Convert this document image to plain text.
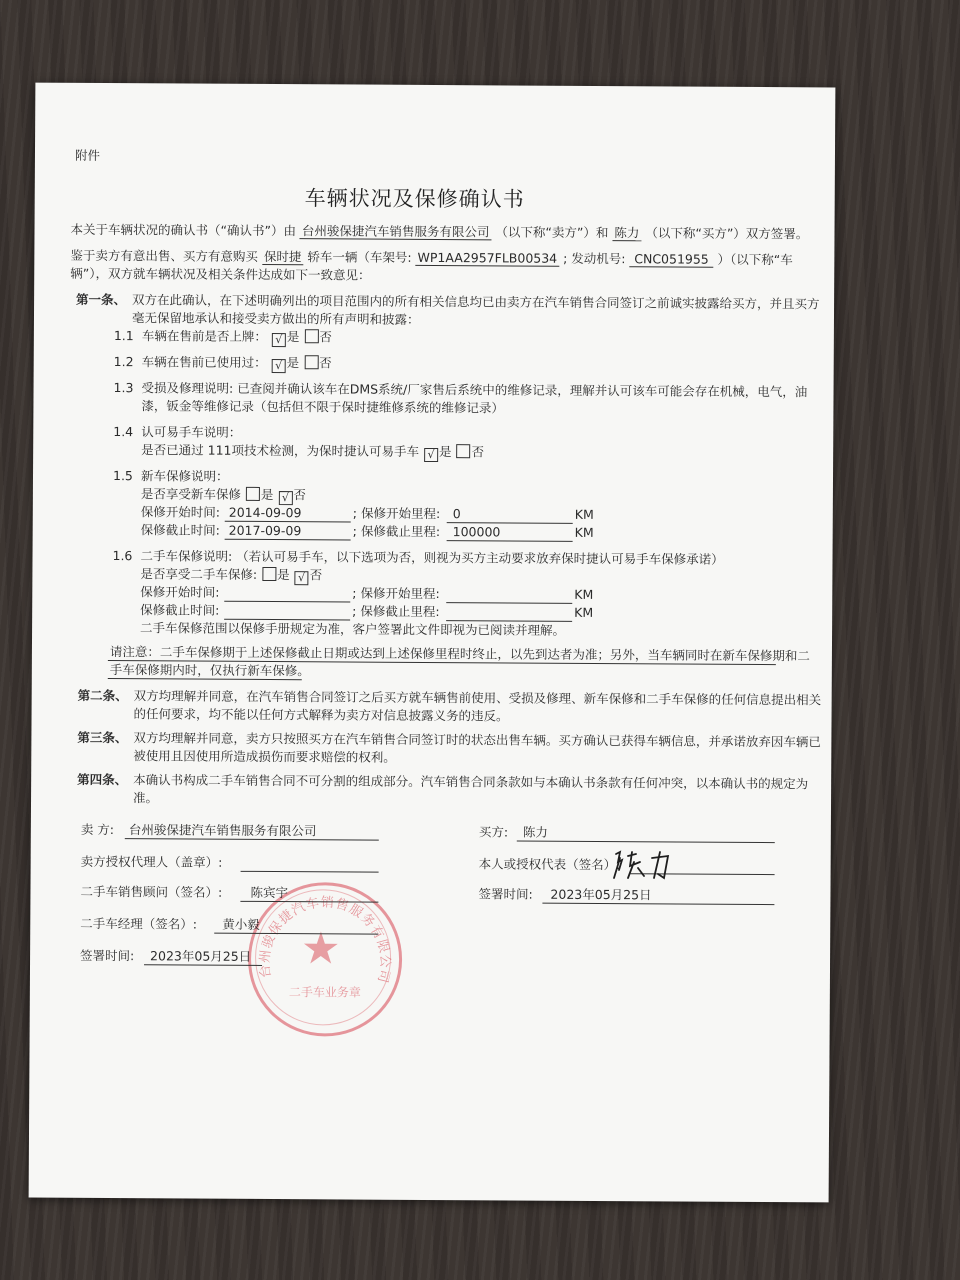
附件
车辆状况及保修确认书
本关于车辆状况的确认书（“确认书”）由 台州骏保捷汽车销售服务有限公司 （以下称“卖方”）和 陈力 （以下称“买方”）双方签署。
鉴于卖方有意出售、买方有意购买 保时捷 轿车一辆（车架号: WP1AA2957FLB00534 ; 发动机号: CNC051955 ）（以下称“车
辆”），双方就车辆状况及相关条件达成如下一致意见：
第一条、 双方在此确认，在下述明确列出的项目范围内的所有相关信息均已由卖方在汽车销售合同签订之前诚实披露给买方，并且买方
毫无保留地承认和接受卖方做出的所有声明和披露：
1.1 车辆在售前是否上牌： √ 是 否
1.2 车辆在售前已使用过： √ 是 否
1.3 受损及修理说明: 已查阅并确认该车在DMS系统/厂家售后系统中的维修记录，理解并认可该车可能会存在机械，电气，油
漆，钣金等维修记录（包括但不限于保时捷维修系统的维修记录）
1.4 认可易手车说明：
是否已通过 111项技术检测，为保时捷认可易手车 √ 是 否
1.5 新车保修说明：
是否享受新车保修 是 √ 否
保修开始时间: 2014-09-09	; 保修开始里程: 0	KM
保修截止时间: 2017-09-09	; 保修截止里程: 100000	KM
1.6 二手车保修说明: （若认可易手车，以下选项为否，则视为买方主动要求放弃保时捷认可易手车保修承诺）
是否享受二手车保修: 是 √ 否
保修开始时间:	; 保修开始里程:	KM
保修截止时间:	; 保修截止里程:	KM
二手车保修范围以保修手册规定为准，客户签署此文件即视为已阅读并理解。
请注意：二手车保修期于上述保修截止日期或达到上述保修里程时终止，以先到达者为准；另外，当车辆同时在新车保修期和二
手车保修期内时，仅执行新车保修。
第二条、 双方均理解并同意，在汽车销售合同签订之后买方就车辆售前使用、受损及修理、新车保修和二手车保修的任何信息提出相关
的任何要求，均不能以任何方式解释为卖方对信息披露义务的违反。
第三条、 双方均理解并同意，卖方只按照买方在汽车销售合同签订时的状态出售车辆。买方确认已获得车辆信息，并承诺放弃因车辆已
被使用且因使用所造成损伤而要求赔偿的权利。
第四条、 本确认书构成二手车销售合同不可分割的组成部分。汽车销售合同条款如与本确认书条款有任何冲突，以本确认书的规定为
准。
台州骏保捷汽车销售服务有限公司
★
二手车业务章
卖 方: 台州骏保捷汽车销售服务有限公司
卖方授权代理人（盖章）:
二手车销售顾问（签名）: 陈宾宇
二手车经理（签名）: 黄小毅
签署时间: 2023年05月25日
买方: 陈力
本人或授权代表（签名）:
签署时间: 2023年05月25日
